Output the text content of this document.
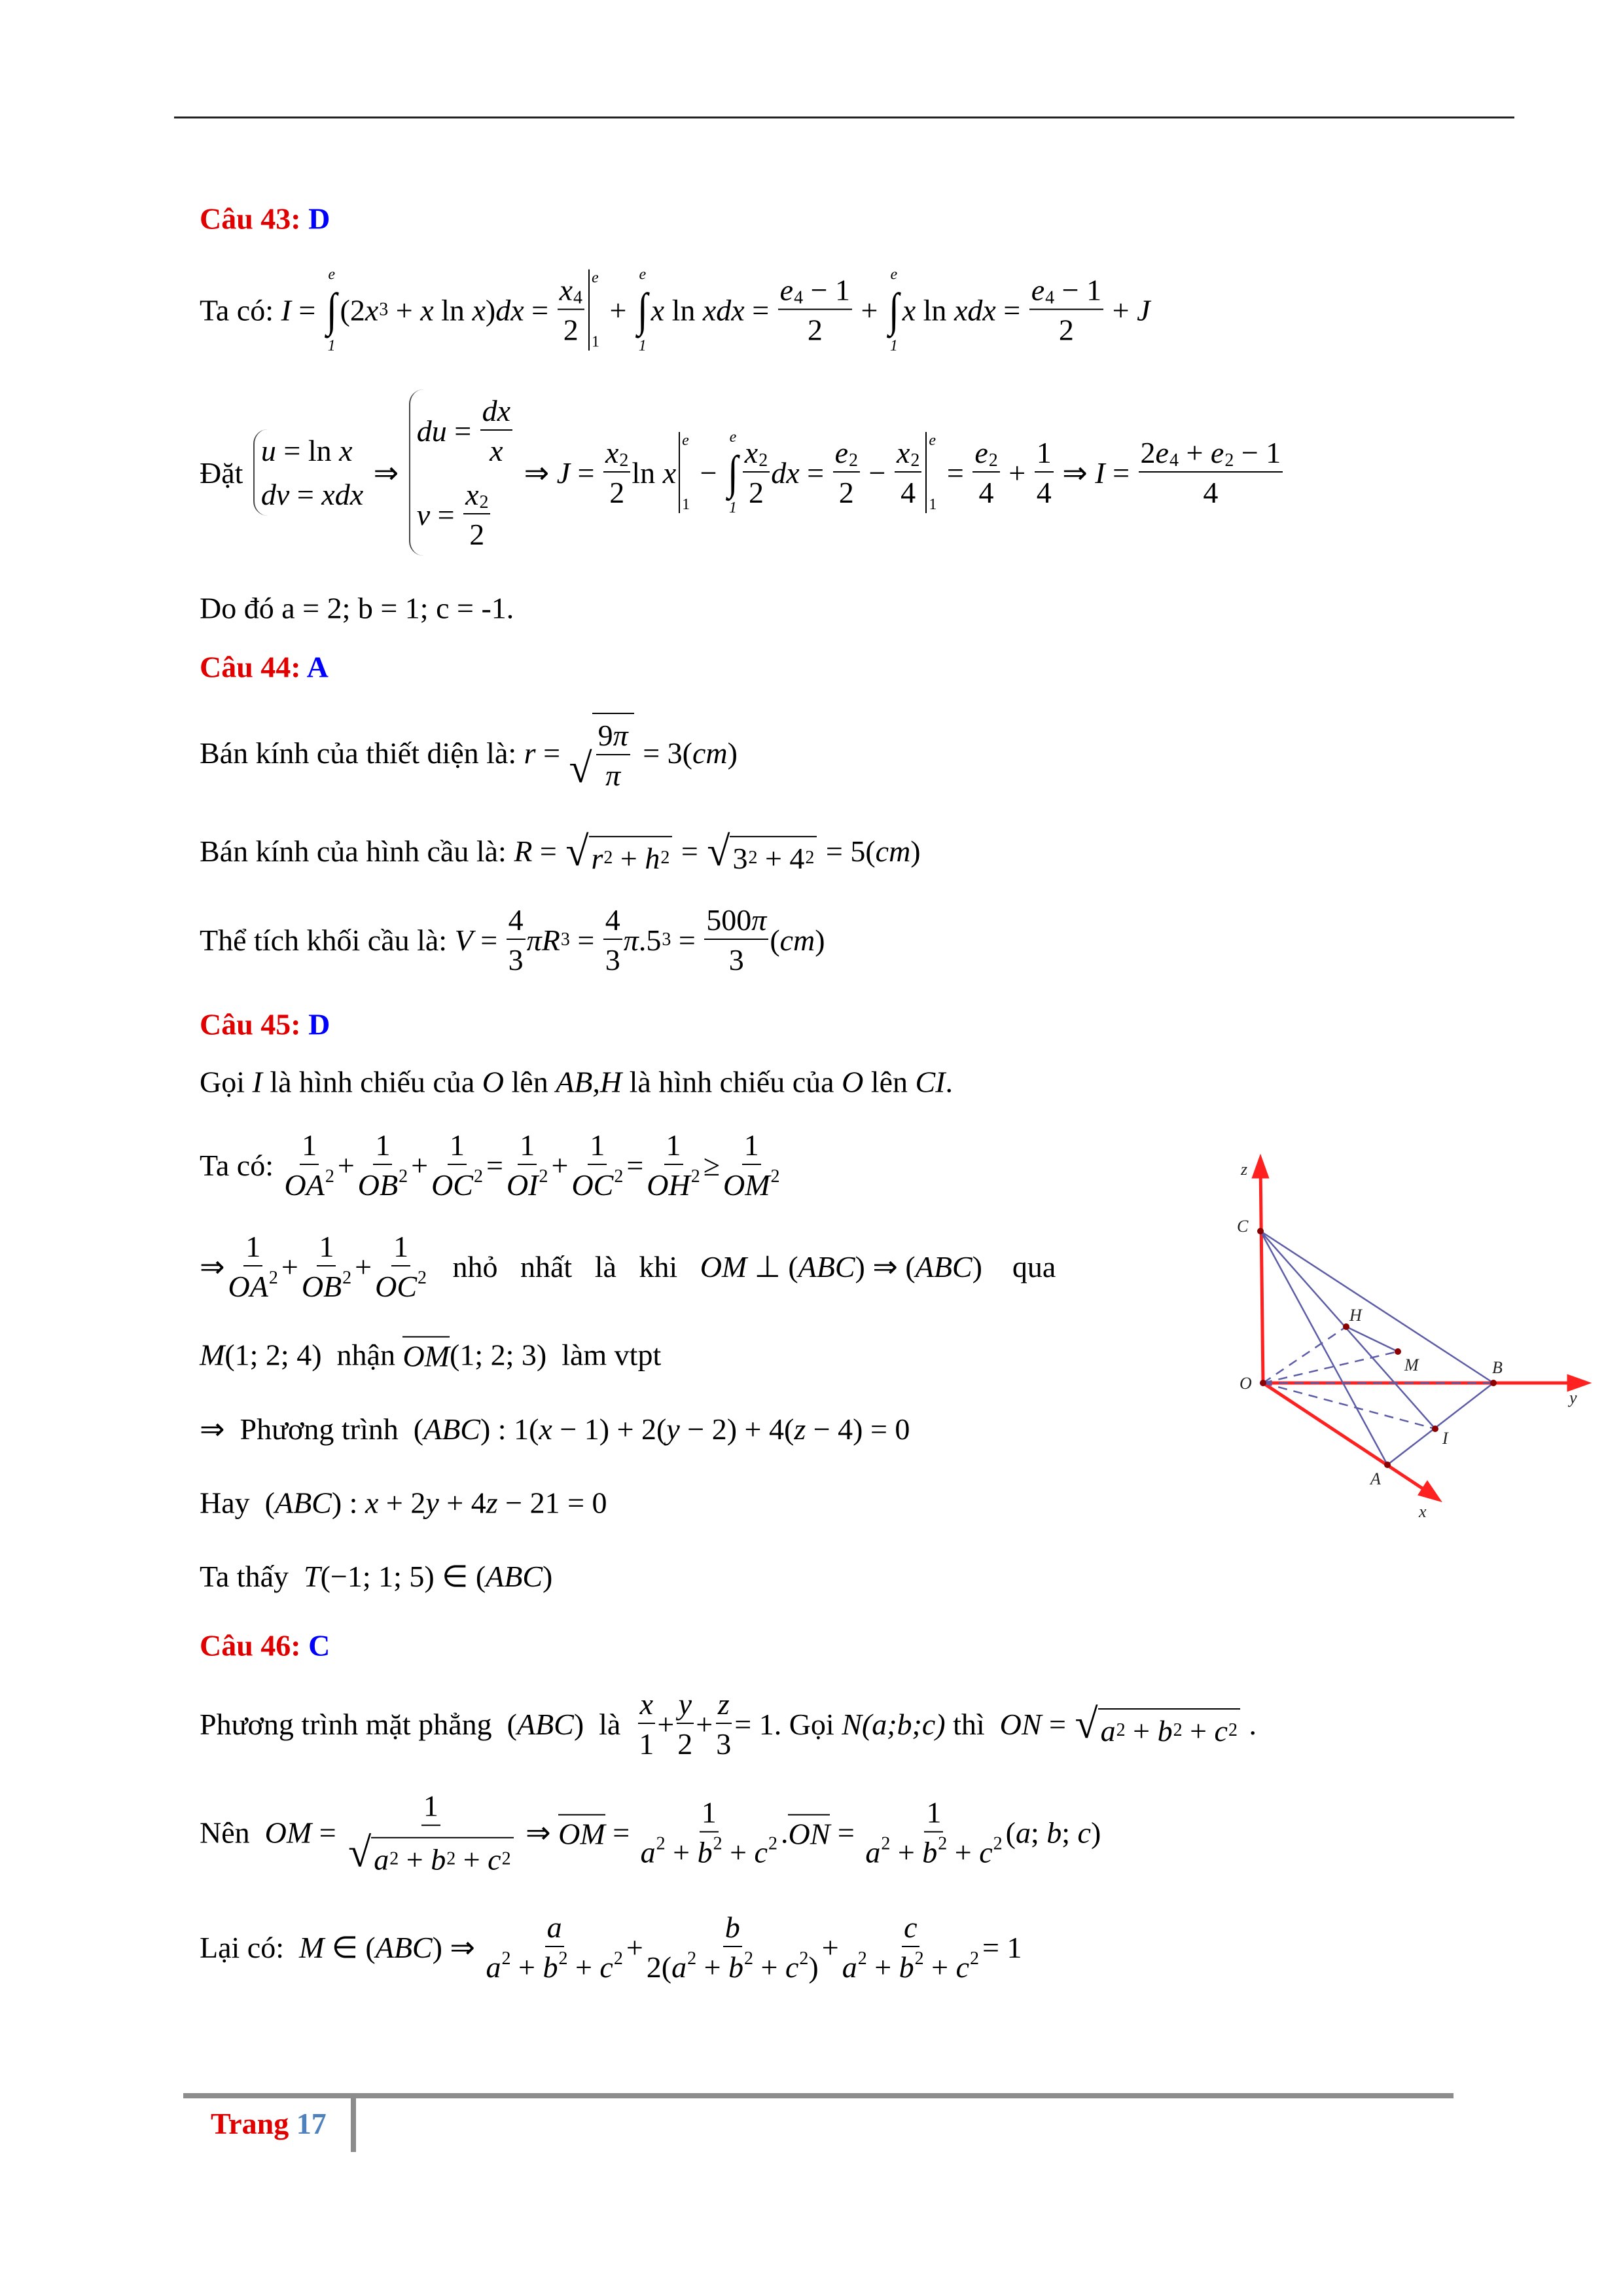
Câu 43: D
Ta có: I =
e
∫
1
(2 x 3 + x ln x ) dx = $\frac{x 4}{2}$ e
1
+
e
∫
1
x ln xdx = $\frac{e 4 - 1}{2}$ +
e
∫
1
x ln xdx = $\frac{e 4 - 1}{2} + J$
Đặt
u = ln x
dv = xdx
⇒
du = $\frac{dx}{x}$
$v = \frac{x 2}{2}$
⇒ $J = \frac{x 2}{2}$ ln x
e
1
−
e
∫
$1 \frac{x 2}{2}$ dx = $\frac{e 2}{2} - \frac{x 2}{4}$ e
1
= $\frac{e 2}{4} + \frac{1}{4}$ ⇒ $I = \frac{2 e 4 + e 2 - 1}{4}$
Do đó a = 2; b = 1; c = -1.
Câu 44: A
Bán kính của thiết diện là: r = √ $\frac{9 \pi}{\pi} = 3$( cm )
Bán kính của hình cầu là: R = √ r 2 + h 2 = √ 3 2 + 4 2 = 5( cm )
Thể tích khối cầu là: $V = \frac{4}{3}$ πR $3 = \frac{4}{3}$ π .5 $3 = \frac{500 \pi}{3}$ ( cm )
Câu 45: D
Gọi I là hình chiếu của O lên AB,H là hình chiếu của O lên CI .
Ta có: $\frac{1}{OA 2} + \frac{1}{OB 2} + \frac{1}{OC 2} = \frac{1}{OI 2} + \frac{1}{OC 2} = \frac{1}{OH 2} \ge \frac{1}{OM 2}$
⇒ $\frac{1}{OA 2} + \frac{1}{OB 2} + \frac{1}{OC 2}$ nhỏ   nhất   là   khi OM ⊥ ( ABC ) ⇒ ( ABC )    qua
M (1; 2; 4)  nhận OM (1; 2; 3)  làm vtpt
⇒  Phương trình  ( ABC ) : 1( x − 1) + 2( y − 2) + 4( z − 4) = 0
Hay  ( ABC ) : x + 2 y + 4 z − 21 = 0
Ta thấy T (−1; 1; 5) ∈ ( ABC )
z
C
H
M
O
B
y
I
A
x
Câu 46: C
Phương trình mặt phẳng  ( ABC )  là $\frac{x}{1} + \frac{y}{2} + \frac{z}{3} = 1$. Gọi N(a;b;c) thì ON = √ a 2 + b 2 + c 2 .
Nên OM = $\frac{1}{√ a 2 + b 2 + c 2}$ ⇒ OM = $\frac{1}{a 2 + b 2 + c 2}$ . ON = $\frac{1}{a 2 + b 2 + c 2}$ ( a ; b ; c )
Lại có: M ∈ ( ABC ) ⇒ $\frac{a}{a 2 + b 2 + c 2} + \frac{b}{2( a 2 + b 2 + c 2 )} + \frac{c}{a 2 + b 2 + c 2} = 1$
Trang 17
